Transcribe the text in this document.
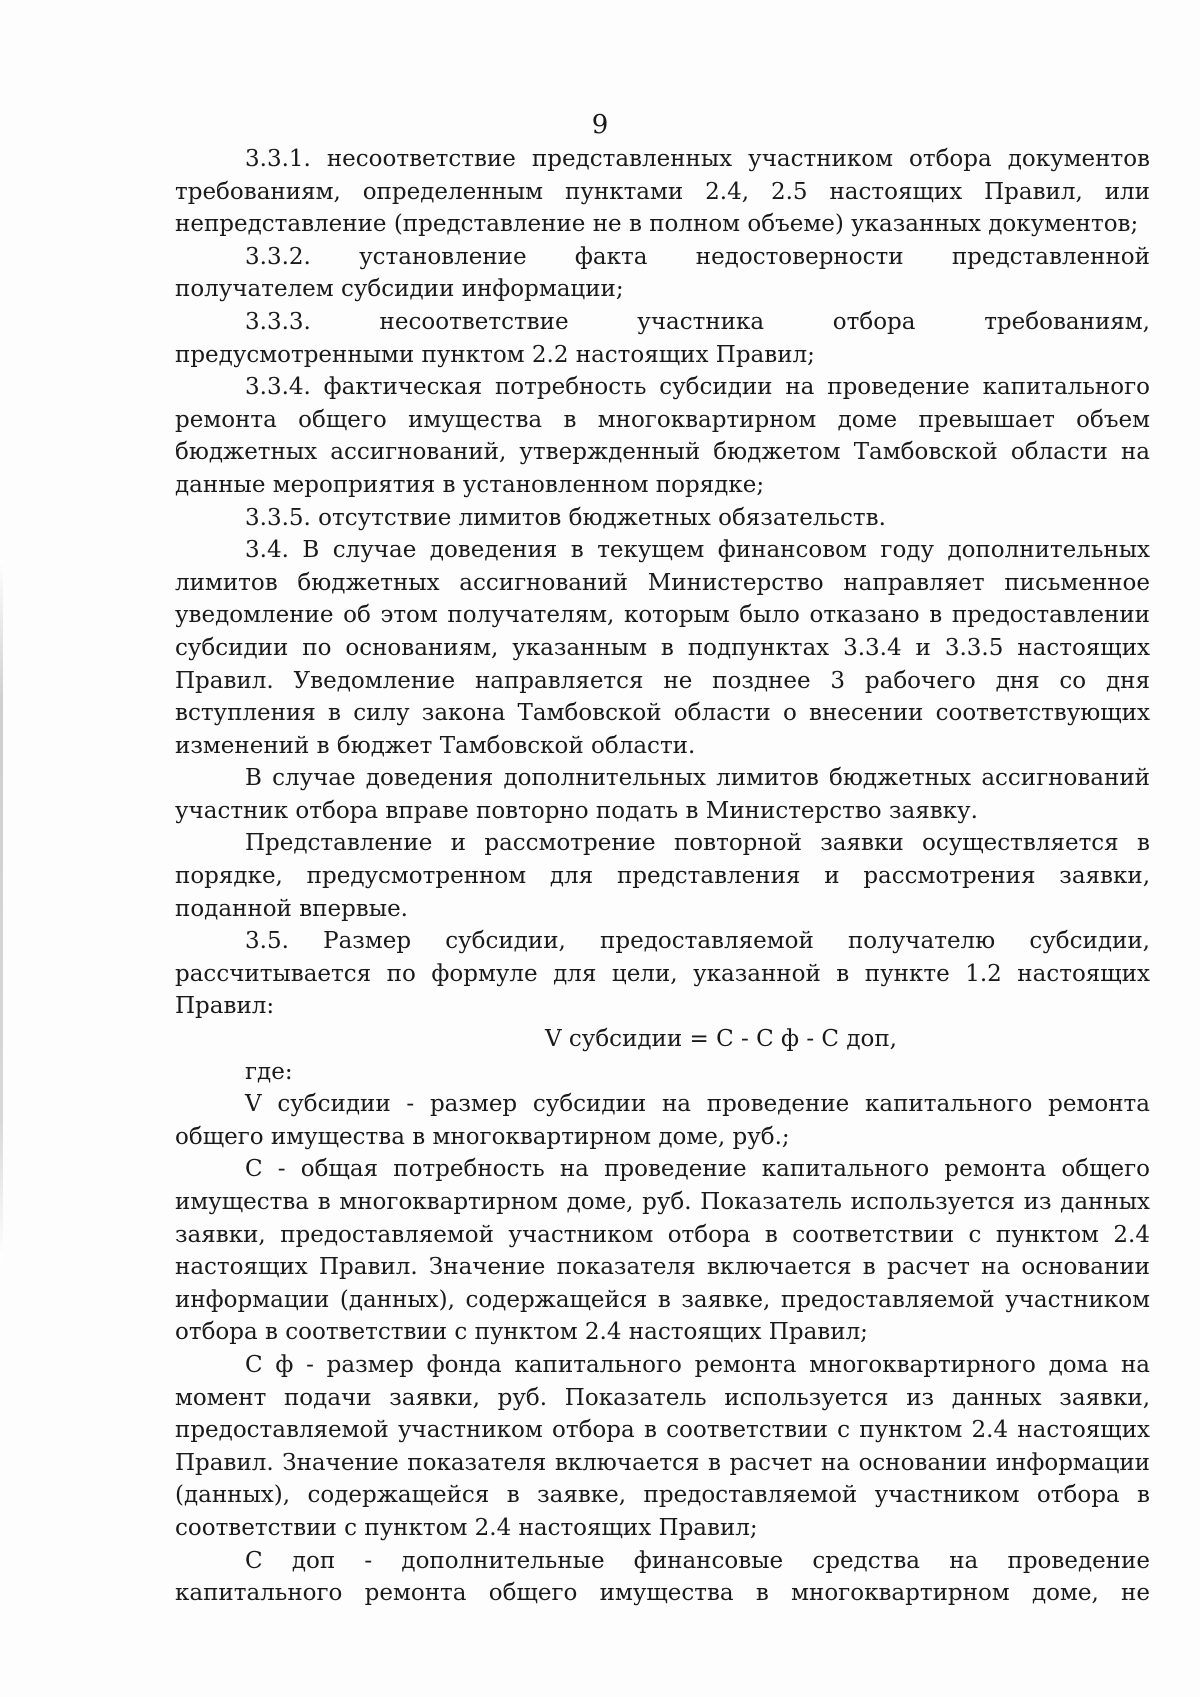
9

3.3.1. несоответствие представленных участником отбора документов требованиям, определенным пунктами 2.4, 2.5 настоящих Правил, или непредставление (представление не в полном объеме) указанных документов;

3.3.2. установление факта недостоверности представленной получателем субсидии информации;

3.3.3. несоответствие участника отбора требованиям, предусмотренными пунктом 2.2 настоящих Правил;

3.3.4. фактическая потребность субсидии на проведение капитального ремонта общего имущества в многоквартирном доме превышает объем бюджетных ассигнований, утвержденный бюджетом Тамбовской области на данные мероприятия в установленном порядке;

3.3.5. отсутствие лимитов бюджетных обязательств.

3.4. В случае доведения в текущем финансовом году дополнительных лимитов бюджетных ассигнований Министерство направляет письменное уведомление об этом получателям, которым было отказано в предоставлении субсидии по основаниям, указанным в подпунктах 3.3.4 и 3.3.5 настоящих Правил. Уведомление направляется не позднее 3 рабочего дня со дня вступления в силу закона Тамбовской области о внесении соответствующих изменений в бюджет Тамбовской области.

В случае доведения дополнительных лимитов бюджетных ассигнований участник отбора вправе повторно подать в Министерство заявку.

Представление и рассмотрение повторной заявки осуществляется в порядке, предусмотренном для представления и рассмотрения заявки, поданной впервые.

3.5. Размер субсидии, предоставляемой получателю субсидии, рассчитывается по формуле для цели, указанной в пункте 1.2 настоящих Правил:

V субсидии = С - С ф - С доп,

где:

V субсидии - размер субсидии на проведение капитального ремонта общего имущества в многоквартирном доме, руб.;

С - общая потребность на проведение капитального ремонта общего имущества в многоквартирном доме, руб. Показатель используется из данных заявки, предоставляемой участником отбора в соответствии с пунктом 2.4 настоящих Правил. Значение показателя включается в расчет на основании информации (данных), содержащейся в заявке, предоставляемой участником отбора в соответствии с пунктом 2.4 настоящих Правил;

С ф - размер фонда капитального ремонта многоквартирного дома на момент подачи заявки, руб. Показатель используется из данных заявки, предоставляемой участником отбора в соответствии с пунктом 2.4 настоящих Правил. Значение показателя включается в расчет на основании информации (данных), содержащейся в заявке, предоставляемой участником отбора в соответствии с пунктом 2.4 настоящих Правил;

С доп - дополнительные финансовые средства на проведение капитального ремонта общего имущества в многоквартирном доме, не
